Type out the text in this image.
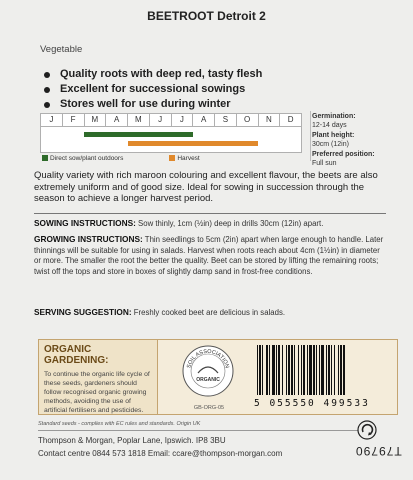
BEETROOT Detroit 2
Vegetable
Quality roots with deep red, tasty flesh
Excellent for successional sowings
Stores well for use during winter
J	F	M	A	M	J	J	A	S	O	N	D
Direct sow/plant outdoors	Harvest
Germination:
12-14 days
Plant height:
30cm (12in)
Preferred position:
Full sun
Quality variety with rich maroon colouring and excellent flavour, the beets are also extremely uniform and of good size. Ideal for sowing in succession through the season to achieve a longer harvest period.
SOWING INSTRUCTIONS: Sow thinly, 1cm (½in) deep in drills 30cm (12in) apart.
GROWING INSTRUCTIONS: Thin seedlings to 5cm (2in) apart when large enough to handle. Later thinnings will be suitable for using in salads. Harvest when roots reach about 4cm (1½in) in diameter or more. The smaller the root the better the quality. Beet can be stored by lifting the remaining roots; twist off the tops and store in boxes of slightly damp sand in frost-free conditions.
SERVING SUGGESTION: Freshly cooked beet are delicious in salads.
ORGANIC GARDENING:
To continue the organic life cycle of these seeds, gardeners should follow recognised organic growing methods, avoiding the use of artificial fertilisers and pesticides.
SOIL ASSOCIATION
ORGANIC
GB-ORG-05	5 055550 499533
Standard seeds - complies with EC rules and standards. Origin UK
Thompson & Morgan, Poplar Lane, Ipswich. IP8 3BU
Contact centre 0844 573 1818 Email: ccare@thompson-morgan.com	T79790
